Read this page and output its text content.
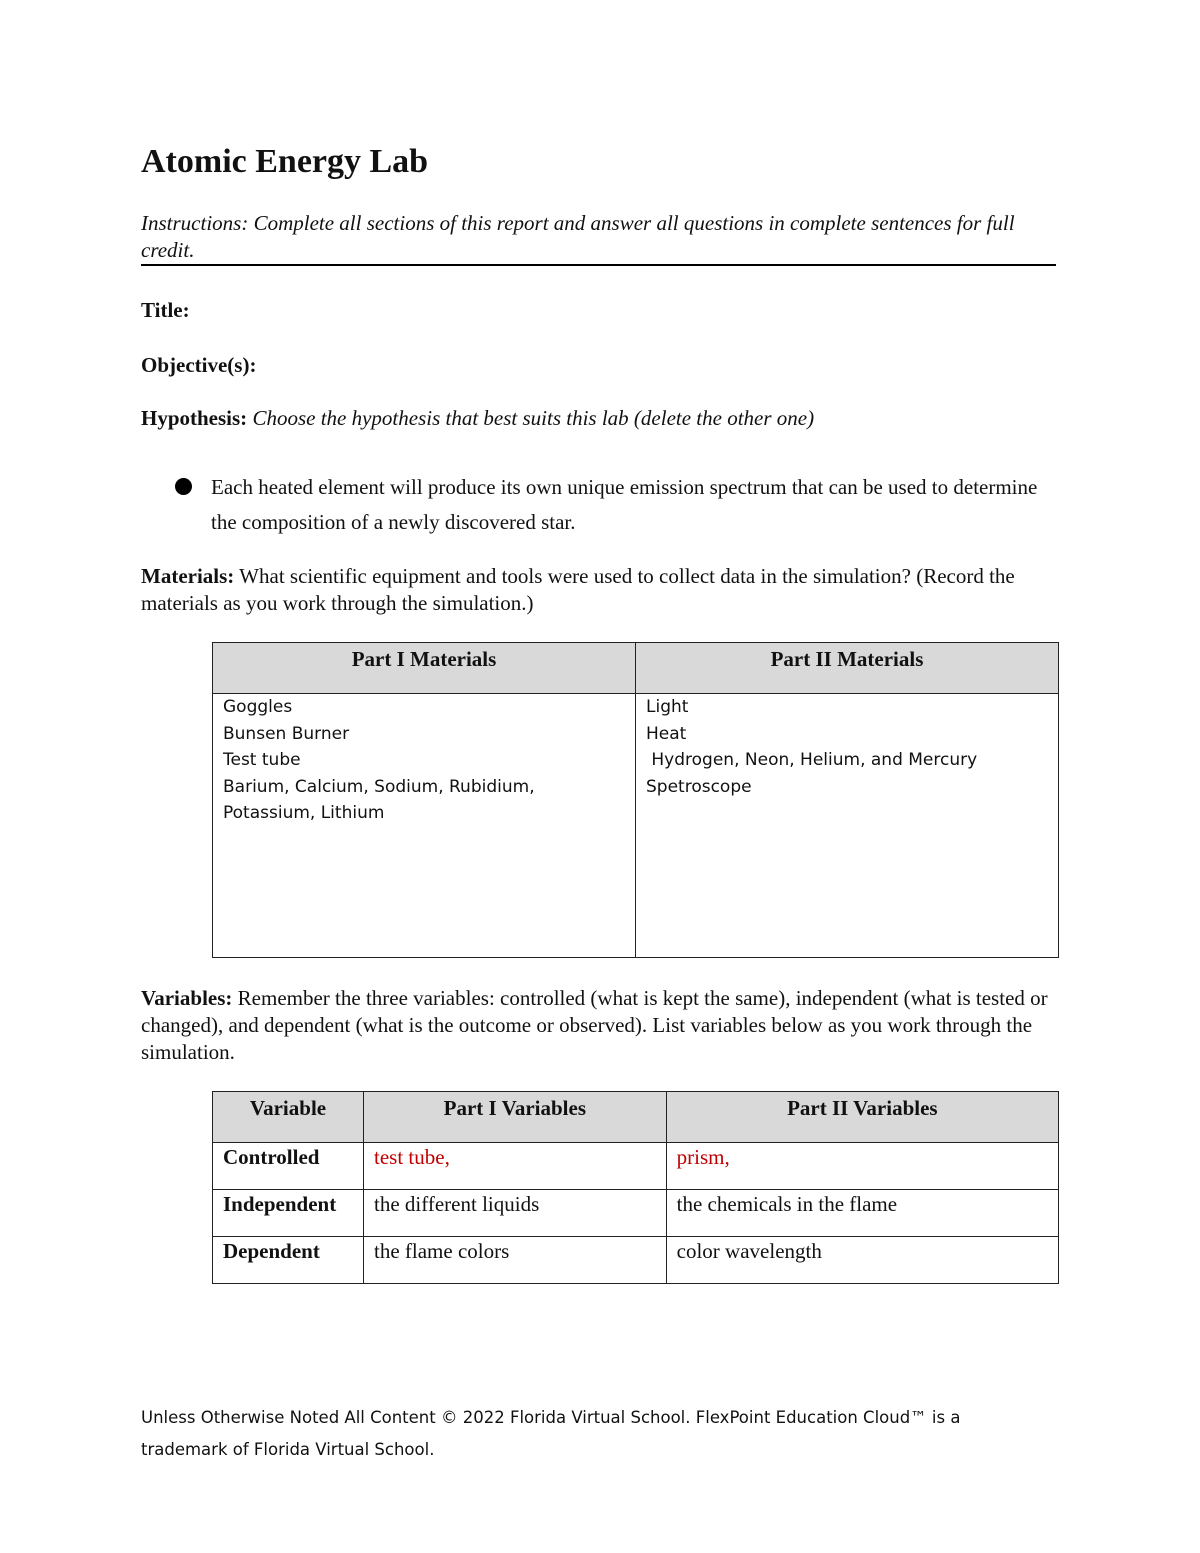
Atomic Energy Lab

Instructions: Complete all sections of this report and answer all questions in complete sentences for full credit.

Title:

Objective(s):

Hypothesis: Choose the hypothesis that best suits this lab (delete the other one)

Each heated element will produce its own unique emission spectrum that can be used to determine the composition of a newly discovered star.

Materials: What scientific equipment and tools were used to collect data in the simulation? (Record the materials as you work through the simulation.)

Part I Materials	Part II Materials

Goggles
Bunsen Burner
Test tube
Barium, Calcium, Sodium, Rubidium,
Potassium, Lithium	Light
Heat
Hydrogen, Neon, Helium, and Mercury
Spetroscope

Variables: Remember the three variables: controlled (what is kept the same), independent (what is tested or changed), and dependent (what is the outcome or observed). List variables below as you work through the simulation.

Variable	Part I Variables	Part II Variables
Controlled	test tube,	prism,
Independent	the different liquids	the chemicals in the flame
Dependent	the flame colors	color wavelength

Unless Otherwise Noted All Content © 2022 Florida Virtual School. FlexPoint Education Cloud™ is a trademark of Florida Virtual School.
